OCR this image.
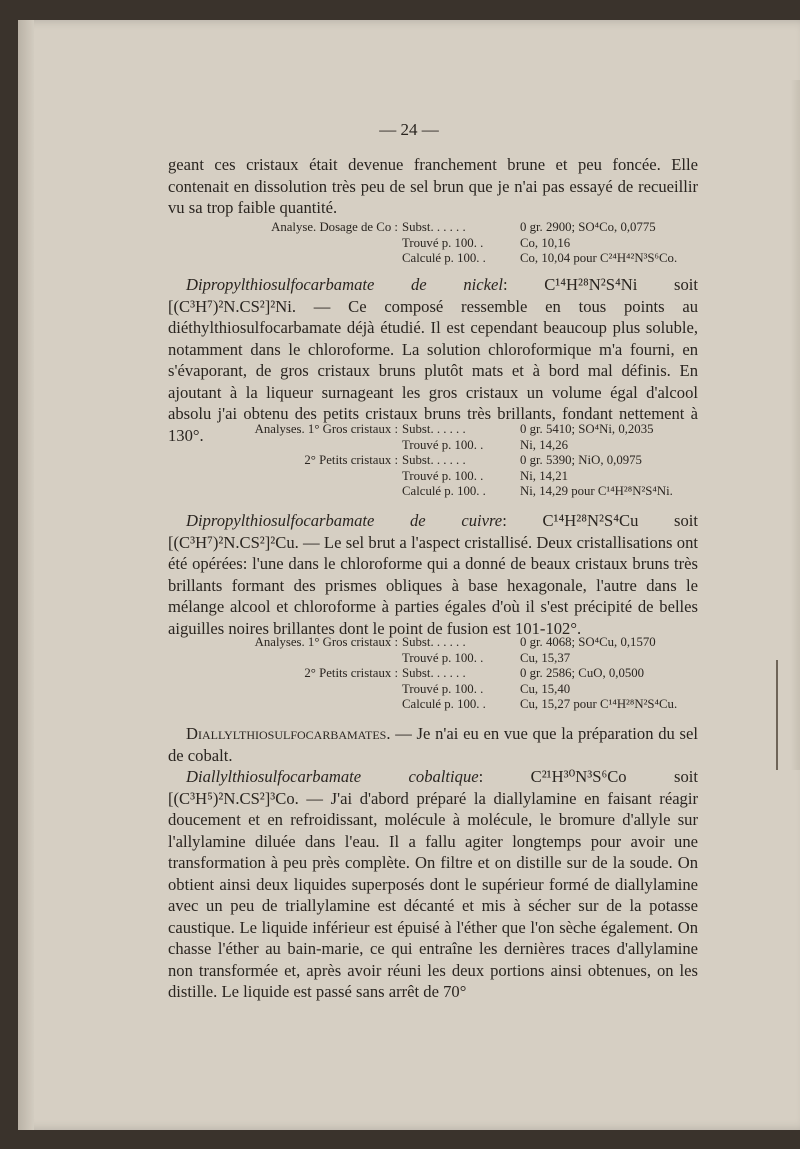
— 24 —

geant ces cristaux était devenue franchement brune et peu foncée. Elle contenait en dissolution très peu de sel brun que je n'ai pas essayé de recueillir vu sa trop faible quantité.

Analyse. Dosage de Co : Subst. . . . . .	0 gr. 2900; SO⁴Co, 0,0775
Trouvé p. 100. .	Co, 10,16
Calculé p. 100. .	Co, 10,04 pour C²⁴H⁴²N³S⁶Co.

Dipropylthiosulfocarbamate de nickel: C¹⁴H²⁸N²S⁴Ni soit [(C³H⁷)²N.CS²]²Ni. — Ce composé ressemble en tous points au diéthylthiosulfocarbamate déjà étudié. Il est cependant beaucoup plus soluble, notamment dans le chloroforme. La solution chloroformique m'a fourni, en s'évaporant, de gros cristaux bruns plutôt mats et à bord mal définis. En ajoutant à la liqueur surnageant les gros cristaux un volume égal d'alcool absolu j'ai obtenu des petits cristaux bruns très brillants, fondant nettement à 130°.	Analyses. 1° Gros cristaux : Subst. . . . . .	0 gr. 5410; SO⁴Ni, 0,2035
Trouvé p. 100. .	Ni, 14,26
2° Petits cristaux : Subst. . . . . .	0 gr. 5390; NiO, 0,0975
Trouvé p. 100. .	Ni, 14,21
Calculé p. 100. .	Ni, 14,29 pour C¹⁴H²⁸N²S⁴Ni.

Dipropylthiosulfocarbamate de cuivre: C¹⁴H²⁸N²S⁴Cu soit [(C³H⁷)²N.CS²]²Cu. — Le sel brut a l'aspect cristallisé. Deux cristallisations ont été opérées: l'une dans le chloroforme qui a donné de beaux cristaux bruns très brillants formant des prismes obliques à base hexagonale, l'autre dans le mélange alcool et chloroforme à parties égales d'où il s'est précipité de belles aiguilles noires brillantes dont le point de fusion est 101-102°.

Analyses. 1° Gros cristaux : Subst. . . . . .	0 gr. 4068; SO⁴Cu, 0,1570
Trouvé p. 100. .	Cu, 15,37
2° Petits cristaux : Subst. . . . . .	0 gr. 2586; CuO, 0,0500
Trouvé p. 100. .	Cu, 15,40
Calculé p. 100. .	Cu, 15,27 pour C¹⁴H²⁸N²S⁴Cu.

Diallylthiosulfocarbamates. — Je n'ai eu en vue que la préparation du sel de cobalt.

Diallylthiosulfocarbamate cobaltique: C²¹H³⁰N³S⁶Co soit [(C³H⁵)²N.CS²]³Co. — J'ai d'abord préparé la diallylamine en faisant réagir doucement et en refroidissant, molécule à molécule, le bromure d'allyle sur l'allylamine diluée dans l'eau. Il a fallu agiter longtemps pour avoir une transformation à peu près complète. On filtre et on distille sur de la soude. On obtient ainsi deux liquides superposés dont le supérieur formé de diallylamine avec un peu de triallylamine est décanté et mis à sécher sur de la potasse caustique. Le liquide inférieur est épuisé à l'éther que l'on sèche également. On chasse l'éther au bain-marie, ce qui entraîne les dernières traces d'allylamine non transformée et, après avoir réuni les deux portions ainsi obtenues, on les distille. Le liquide est passé sans arrêt de 70°
